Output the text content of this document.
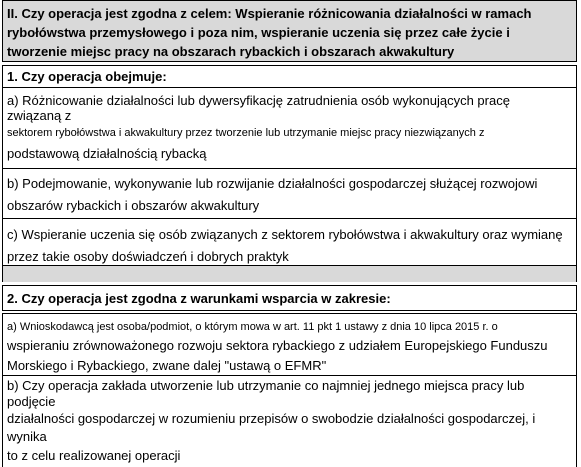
II. Czy operacja jest zgodna z celem: Wspieranie różnicowania działalności w ramach
rybołówstwa przemysłowego i poza nim, wspieranie uczenia się przez całe życie i
tworzenie miejsc pracy na obszarach rybackich i obszarach akwakultury
1. Czy operacja obejmuje:
a) Różnicowanie działalności lub dywersyfikację zatrudnienia osób wykonujących pracę
związaną z
sektorem rybołówstwa i akwakultury przez tworzenie lub utrzymanie miejsc pracy niezwiązanych z
podstawową działalnością rybacką
b) Podejmowanie, wykonywanie lub rozwijanie działalności gospodarczej służącej rozwojowi
obszarów rybackich i obszarów akwakultury
c) Wspieranie uczenia się osób związanych z sektorem rybołówstwa i akwakultury oraz wymianę
przez takie osoby doświadczeń i dobrych praktyk
2. Czy operacja jest zgodna z warunkami wsparcia w zakresie:
a) Wnioskodawcą jest osoba/podmiot, o którym mowa w art. 11 pkt 1 ustawy z dnia 10 lipca 2015 r. o
wspieraniu zrównoważonego rozwoju sektora rybackiego z udziałem Europejskiego Funduszu
Morskiego i Rybackiego, zwane dalej "ustawą o EFMR"
b) Czy operacja zakłada utworzenie lub utrzymanie co najmniej jednego miejsca pracy lub
podjęcie
działalności gospodarczej w rozumieniu przepisów o swobodzie działalności gospodarczej, i
wynika
to z celu realizowanej operacji
